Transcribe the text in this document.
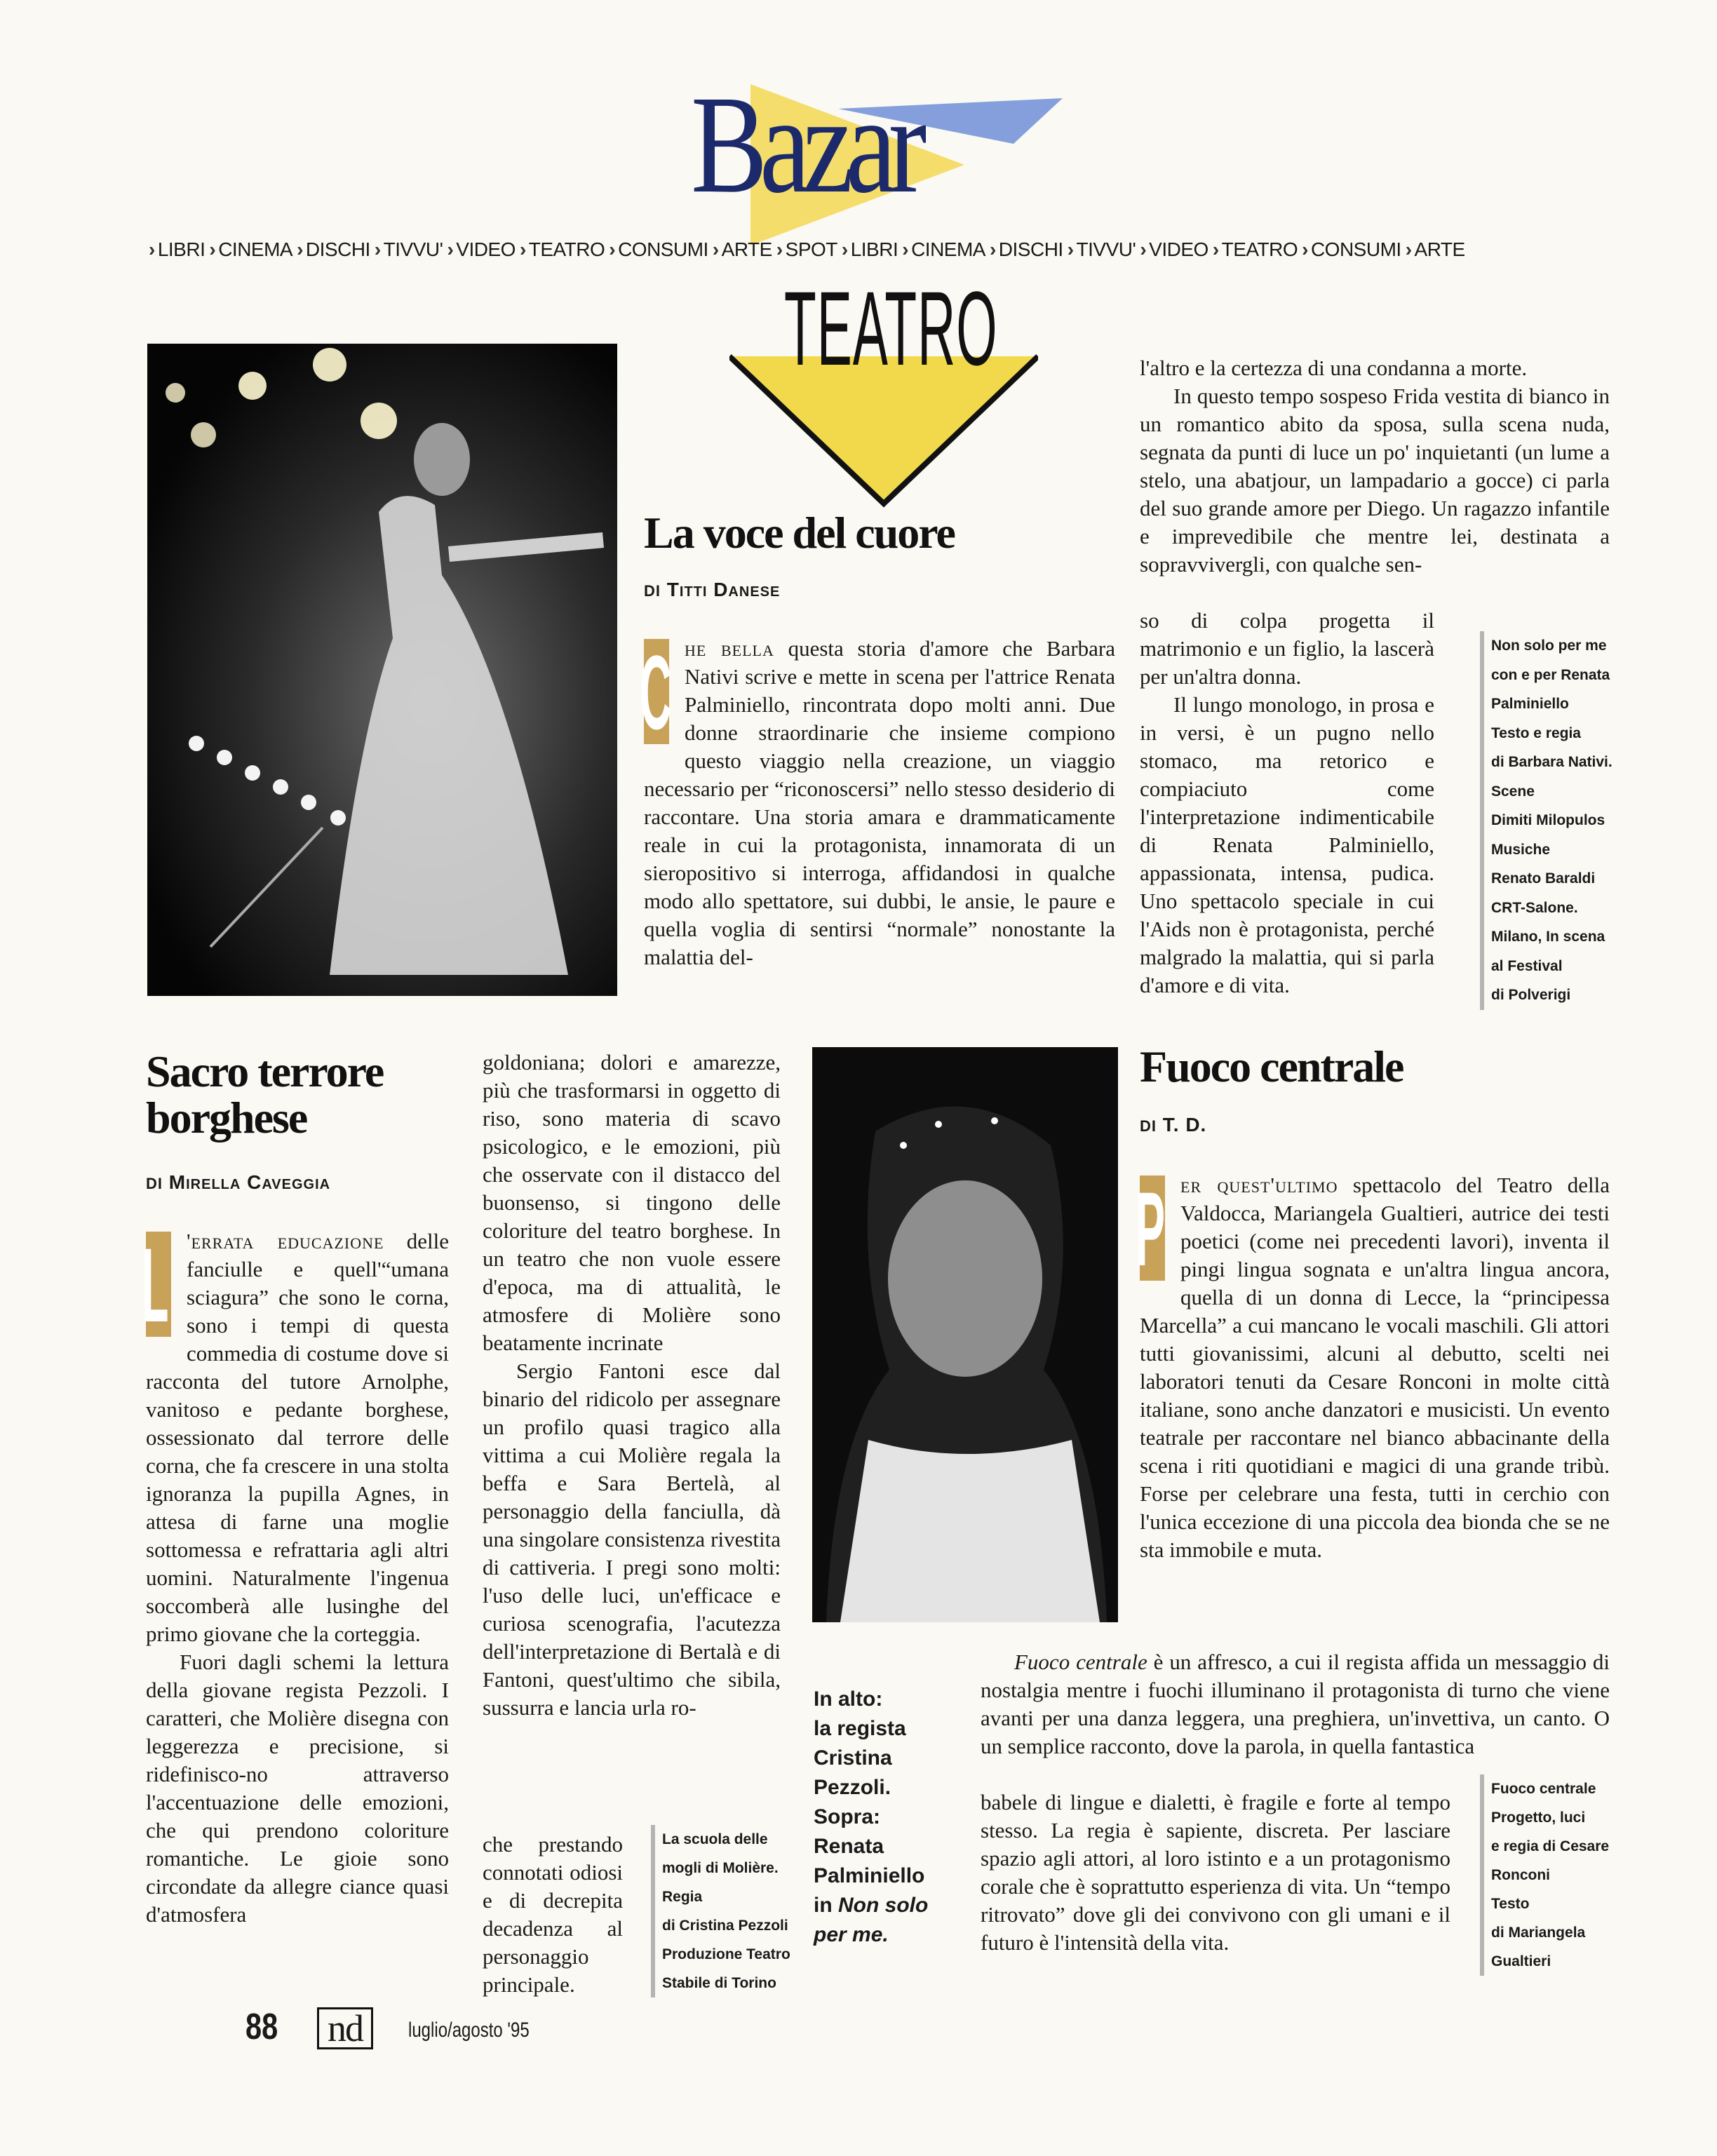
Bazar
› LIBRI › CINEMA › DISCHI › TIVVU' › VIDEO › TEATRO › CONSUMI › ARTE › SPOT › LIBRI › CINEMA › DISCHI › TIVVU' › VIDEO › TEATRO › CONSUMI › ARTE
TEATRO
La voce del cuore
DI Titti Danese

C he bella questa storia d'amore che Barbara Nativi scrive e mette in scena per l'attrice Renata Palminiello, rincontrata dopo molti anni. Due donne straordinarie che insieme compiono questo viaggio nella creazione, un viaggio necessario per “riconoscersi” nello stesso desiderio di raccontare. Una storia amara e drammaticamente reale in cui la protagonista, innamorata di un sieropositivo si interroga, affidandosi in qualche modo allo spettatore, sui dubbi, le ansie, le paure e quella voglia di sentirsi “normale” nonostante la malattia del-

l'altro e la certezza di una condanna a morte.

In questo tempo sospeso Frida vestita di bianco in un romantico abito da sposa, sulla scena nuda, segnata da punti di luce un po' inquietanti (un lume a stelo, una abatjour, un lampadario a gocce) ci parla del suo grande amore per Diego. Un ragazzo infantile e imprevedibile che mentre lei, destinata a sopravvivergli, con qualche sen-

so di colpa progetta il matrimonio e un figlio, la lascerà per un'altra donna.

Il lungo monologo, in prosa e in versi, è un pugno nello stomaco, ma retorico e compiaciuto come l'interpretazione indimenticabile di Renata Palminiello, appassionata, intensa, pudica. Uno spettacolo speciale in cui l'Aids non è protagonista, perché malgrado la malattia, qui si parla d'amore e di vita.

Non solo per me
con e per Renata
Palminiello
Testo e regia
di Barbara Nativi.
Scene
Dimiti Milopulos
Musiche
Renato Baraldi
CRT-Salone.
Milano, In scena
al Festival
di Polverigi
Sacro terrore borghese
DI Mirella Caveggia

L 'errata educazione delle fanciulle e quell'“umana sciagura” che sono le corna, sono i tempi di questa commedia di costume dove si racconta del tutore Arnolphe, vanitoso e pedante borghese, ossessionato dal terrore delle corna, che fa crescere in una stolta ignoranza la pupilla Agnes, in attesa di farne una moglie sottomessa e refrattaria agli altri uomini. Naturalmente l'ingenua soccomberà alle lusinghe del primo giovane che la corteggia.

Fuori dagli schemi la lettura della giovane regista Pezzoli. I caratteri, che Molière disegna con leggerezza e precisione, si ridefinisco-no attraverso l'accentuazione delle emozioni, che qui prendono coloriture romantiche. Le gioie sono circondate da allegre ciance quasi d'atmosfera

goldoniana; dolori e amarezze, più che trasformarsi in oggetto di riso, sono materia di scavo psicologico, e le emozioni, più che osservate con il distacco del buonsenso, si tingono delle coloriture del teatro borghese. In un teatro che non vuole essere d'epoca, ma di attualità, le atmosfere di Molière sono beatamente incrinate

Sergio Fantoni esce dal binario del ridicolo per assegnare un profilo quasi tragico alla vittima a cui Molière regala la beffa e Sara Bertelà, al personaggio della fanciulla, dà una singolare consistenza rivestita di cattiveria. I pregi sono molti: l'uso delle luci, un'efficace e curiosa scenografia, l'acutezza dell'interpretazione di Bertalà e di Fantoni, quest'ultimo che sibila, sussurra e lancia urla ro-

che prestando connotati odiosi e di decrepita decadenza al personaggio principale.

La scuola delle
mogli di Molière.
Regia
di Cristina Pezzoli
Produzione Teatro
Stabile di Torino

In alto:
la regista
Cristina
Pezzoli.
Sopra:
Renata
Palminiello
in Non solo
per me.

Fuoco centrale
DI T. D.

P er quest'ultimo spettacolo del Teatro della Valdocca, Mariangela Gualtieri, autrice dei testi poetici (come nei precedenti lavori), inventa il pingi lingua sognata e un'altra lingua ancora, quella di un donna di Lecce, la “principessa Marcella” a cui mancano le vocali maschili. Gli attori tutti giovanissimi, alcuni al debutto, scelti nei laboratori tenuti da Cesare Ronconi in molte città italiane, sono anche danzatori e musicisti. Un evento teatrale per raccontare nel bianco abbacinante della scena i riti quotidiani e magici di una grande tribù. Forse per celebrare una festa, tutti in cerchio con l'unica eccezione di una piccola dea bionda che se ne sta immobile e muta.

Fuoco centrale è un affresco, a cui il regista affida un messaggio di nostalgia mentre i fuochi illuminano il protagonista di turno che viene avanti per una danza leggera, una preghiera, un'invettiva, un canto. O un semplice racconto, dove la parola, in quella fantastica

babele di lingue e dialetti, è fragile e forte al tempo stesso. La regia è sapiente, discreta. Per lasciare spazio agli attori, al loro istinto e a un protagonismo corale che è soprattutto esperienza di vita. Un “tempo ritrovato” dove gli dei convivono con gli umani e il futuro è l'intensità della vita.

Fuoco centrale
Progetto, luci
e regia di Cesare
Ronconi
Testo
di Mariangela
Gualtieri
88 nd	luglio/agosto '95
